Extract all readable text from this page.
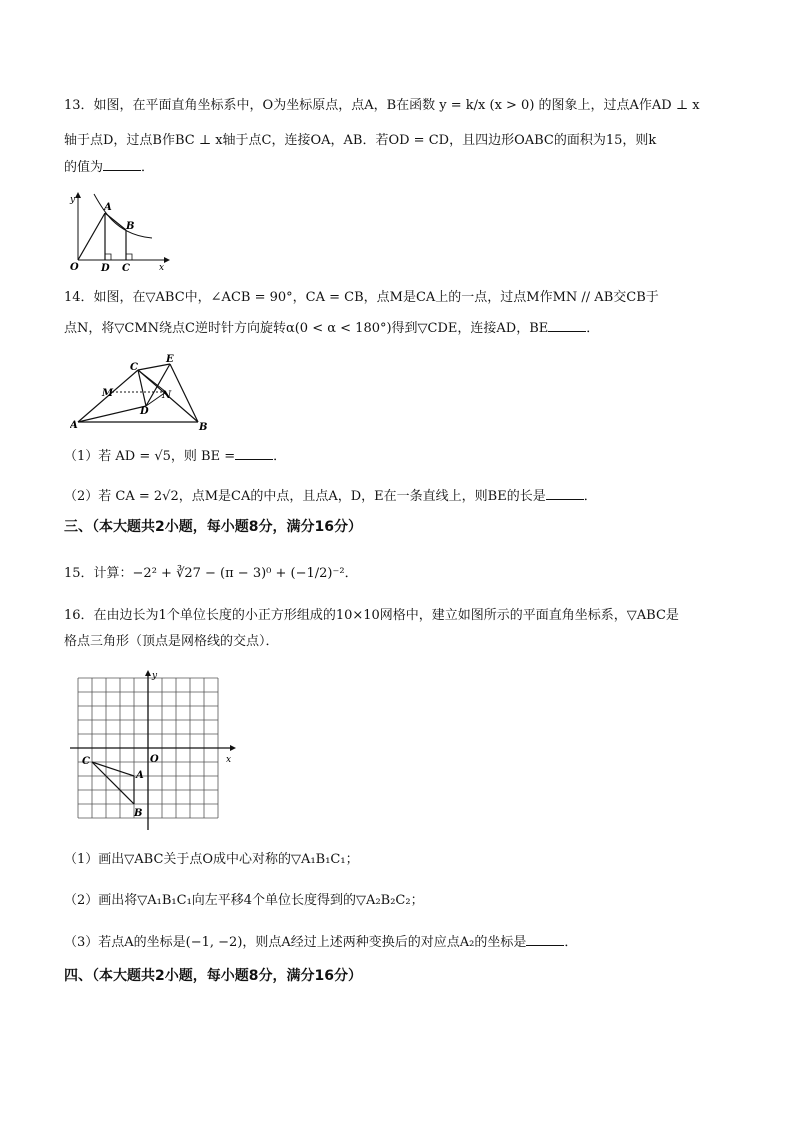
13．如图，在平面直角坐标系中，O为坐标原点，点A，B在函数 y = k/x (x > 0) 的图象上，过点A作AD ⊥ x
轴于点D，过点B作BC ⊥ x轴于点C，连接OA，AB．若OD = CD，且四边形OABC的面积为15，则k
的值为	．
y
x
O
A
B
D C
14．如图，在▽ABC中，∠ACB = 90°，CA = CB，点M是CA上的一点，过点M作MN // AB交CB于
点N，将▽CMN绕点C逆时针方向旋转α(0 < α < 180°)得到▽CDE，连接AD，BE	．
A	B
C
E
M	N
D
（1）若 AD = √5，则 BE =	．
（2）若 CA = 2√2，点M是CA的中点，且点A，D，E在一条直线上，则BE的长是	．
三、（本大题共2小题，每小题8分，满分16分）
15．计算：−2² + ∛27 − (π − 3)⁰ + (−1/2)⁻²．
16．在由边长为1个单位长度的小正方形组成的10×10网格中，建立如图所示的平面直角坐标系，▽ABC是
格点三角形（顶点是网格线的交点）．
y
x
O
C
A
B
（1）画出▽ABC关于点O成中心对称的▽A₁B₁C₁；
（2）画出将▽A₁B₁C₁向左平移4个单位长度得到的▽A₂B₂C₂；
（3）若点A的坐标是(−1, −2)，则点A经过上述两种变换后的对应点A₂的坐标是	．
四、（本大题共2小题，每小题8分，满分16分）
